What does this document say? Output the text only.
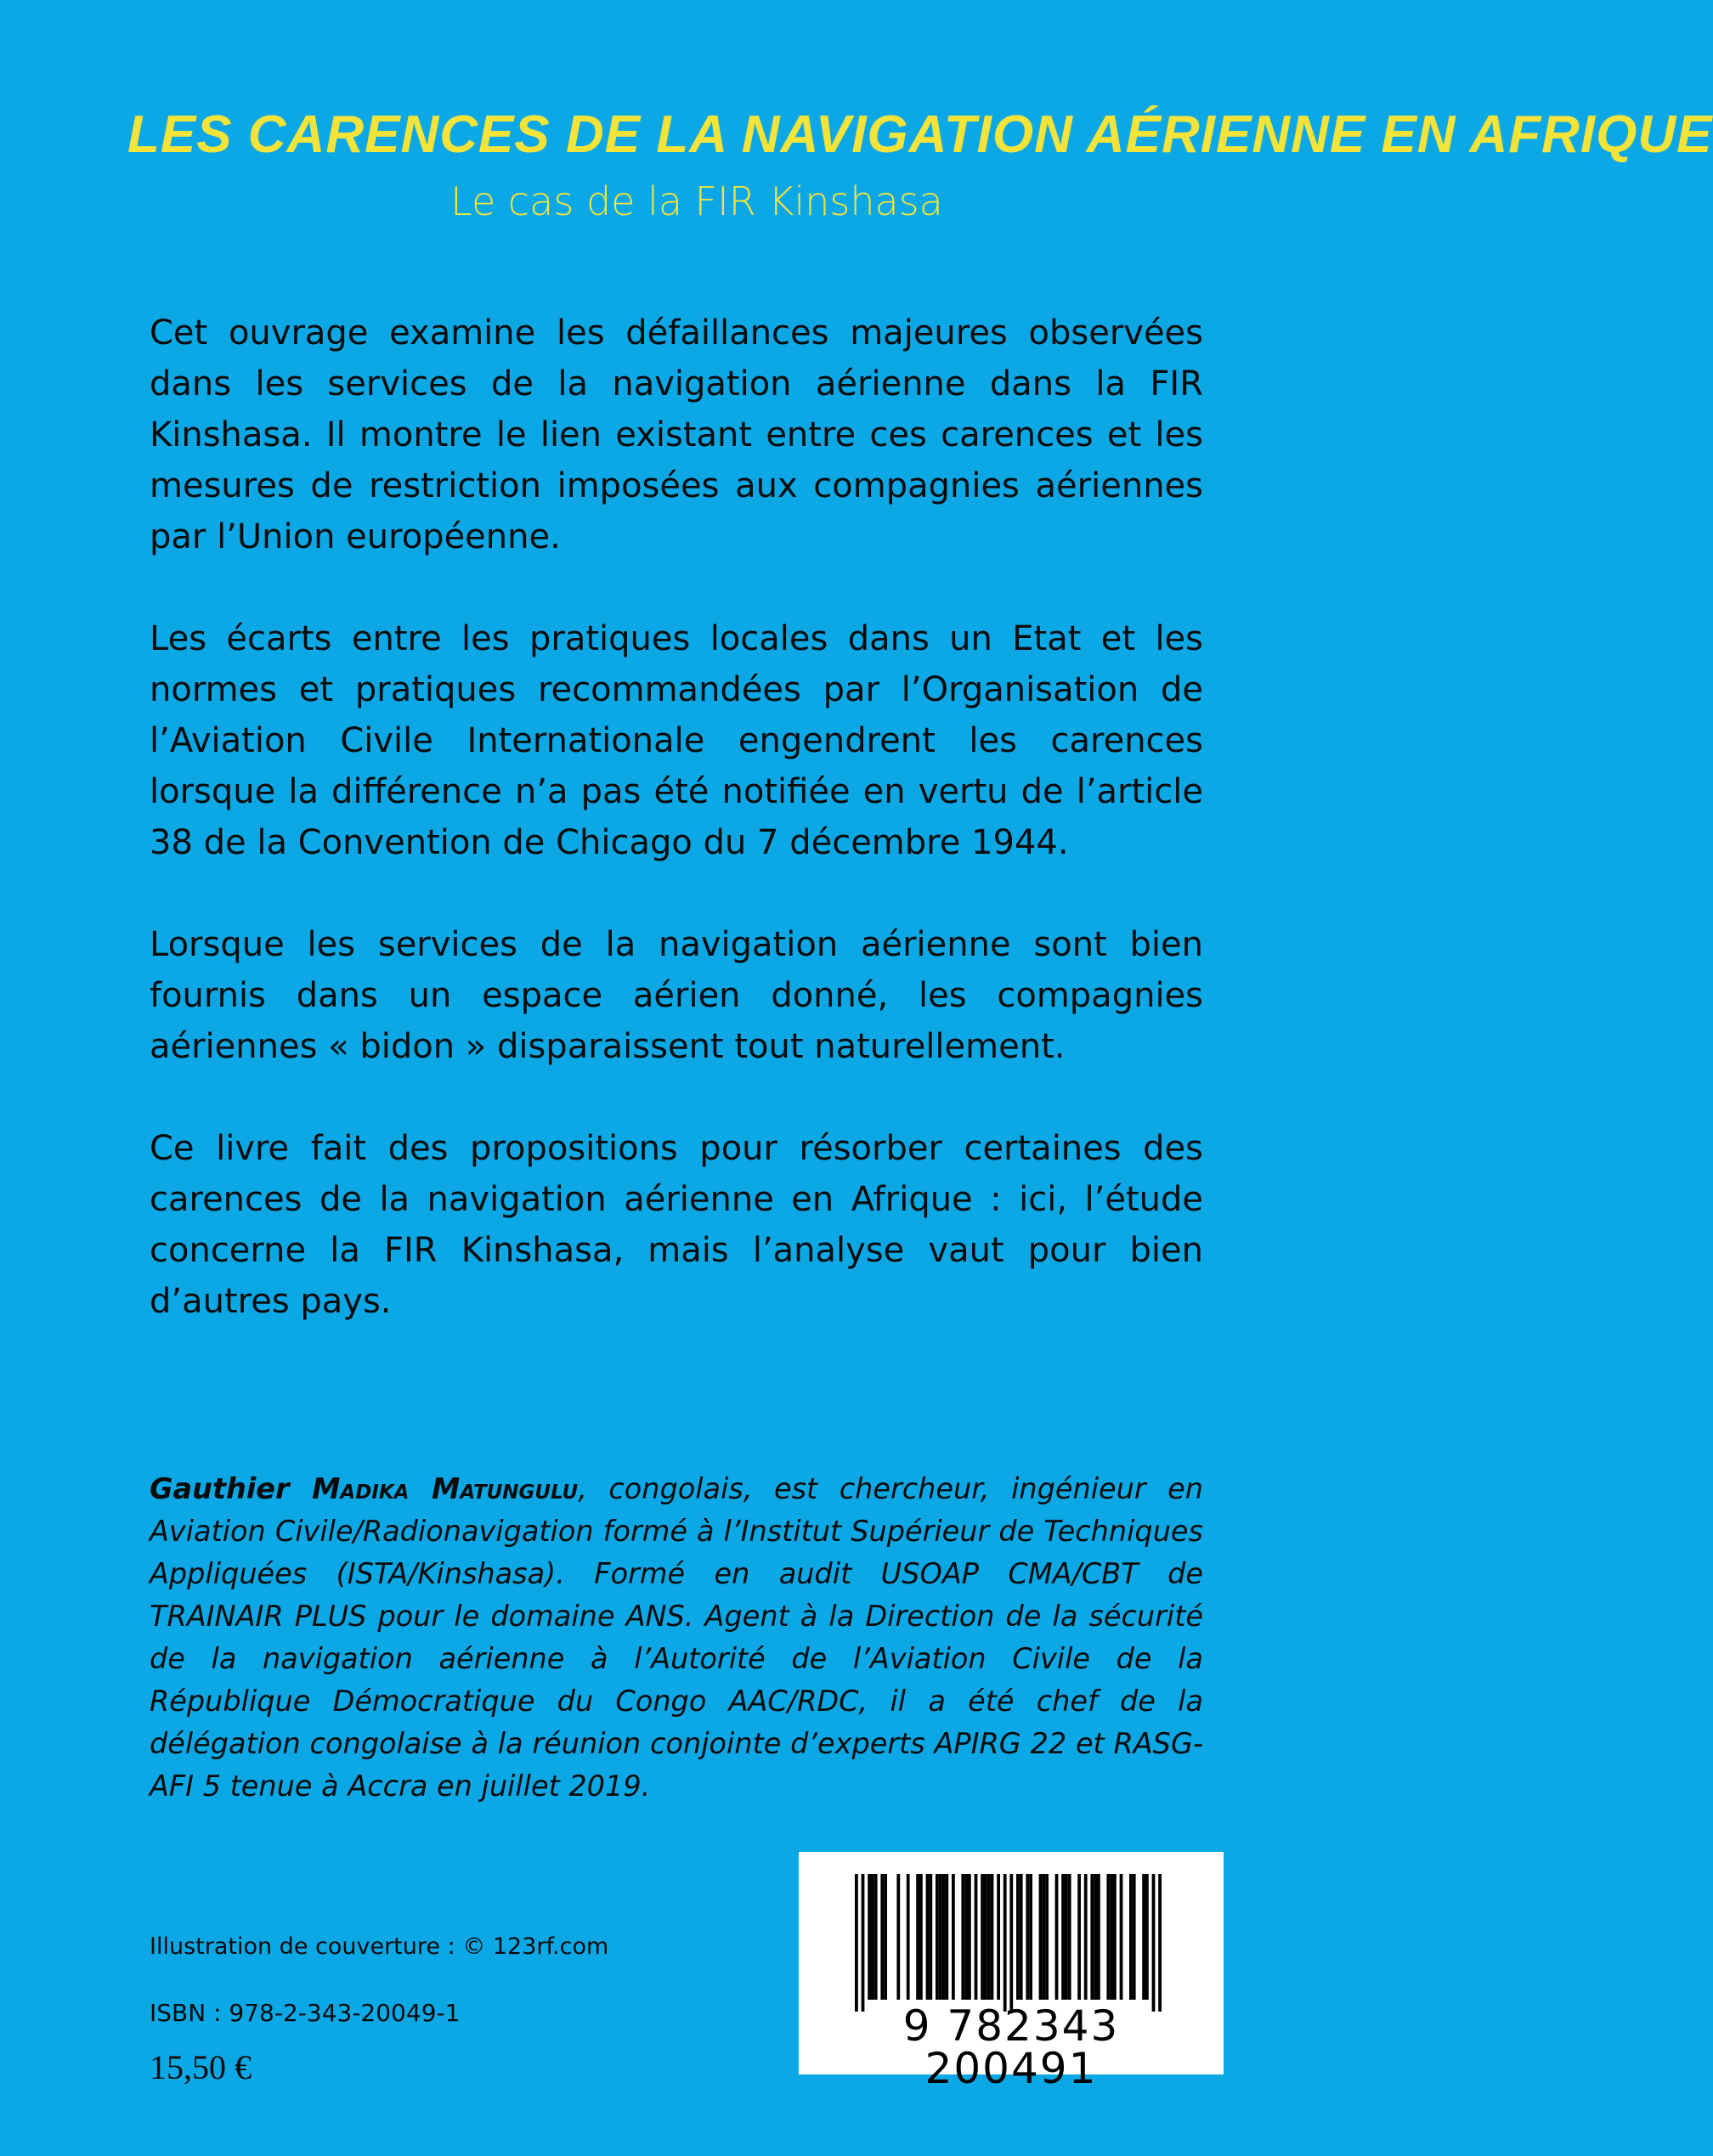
LES CARENCES DE LA NAVIGATION AÉRIENNE EN AFRIQUE
Le cas de la FIR Kinshasa

Cet ouvrage examine les défaillances majeures observées dans les services de la navigation aérienne dans la FIR Kinshasa. Il montre le lien existant entre ces carences et les mesures de restriction imposées aux compagnies aériennes par l’Union européenne.

Les écarts entre les pratiques locales dans un Etat et les normes et pratiques recommandées par l’Organisation de l’Aviation Civile Internationale engendrent les carences lorsque la différence n’a pas été notifiée en vertu de l’article 38 de la Convention de Chicago du 7 décembre 1944.

Lorsque les services de la navigation aérienne sont bien fournis dans un espace aérien donné, les compagnies aériennes « bidon » disparaissent tout naturellement.

Ce livre fait des propositions pour résorber certaines des carences de la navigation aérienne en Afrique : ici, l’étude concerne la FIR Kinshasa, mais l’analyse vaut pour bien d’autres pays.

Gauthier Madika Matungulu, congolais, est chercheur, ingénieur en Aviation Civile/Radionavigation formé à l’Institut Supérieur de Techniques Appliquées (ISTA/Kinshasa). Formé en audit USOAP CMA/CBT de TRAINAIR PLUS pour le domaine ANS. Agent à la Direction de la sécurité de la navigation aérienne à l’Autorité de l’Aviation Civile de la République Démocratique du Congo AAC/RDC, il a été chef de la délégation congolaise à la réunion conjointe d’experts APIRG 22 et RASG-AFI 5 tenue à Accra en juillet 2019.
Illustration de couverture : © 123rf.com
ISBN : 978-2-343-20049-1
15,50 €
9 782343 200491
